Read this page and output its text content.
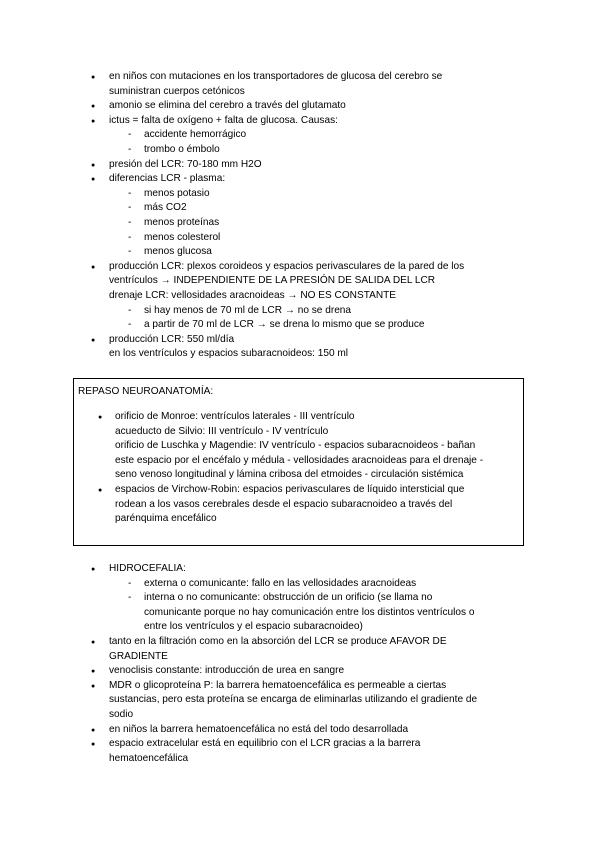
● en niños con mutaciones en los transportadores de glucosa del cerebro se
suministran cuerpos cetónicos
● amonio se elimina del cerebro a través del glutamato
● ictus = falta de oxígeno + falta de glucosa. Causas:
- accidente hemorrágico
- trombo o émbolo
● presión del LCR: 70-180 mm H2O
● diferencias LCR - plasma:
- menos potasio
- más CO2
- menos proteínas
- menos colesterol
- menos glucosa
● producción LCR: plexos coroideos y espacios perivasculares de la pared de los
ventrículos → INDEPENDIENTE DE LA PRESIÓN DE SALIDA DEL LCR
drenaje LCR: vellosidades aracnoideas → NO ES CONSTANTE
- si hay menos de 70 ml de LCR → no se drena
- a partir de 70 ml de LCR → se drena lo mismo que se produce
● producción LCR: 550 ml/día
en los ventrículos y espacios subaracnoideos: 150 ml
REPASO NEUROANATOMÍA:
● orificio de Monroe: ventrículos laterales - III ventrículo
acueducto de Silvio: III ventrículo - IV ventrículo
orificio de Luschka y Magendie: IV ventrículo - espacios subaracnoideos - bañan
este espacio por el encéfalo y médula - vellosidades aracnoideas para el drenaje -
seno venoso longitudinal y lámina cribosa del etmoides - circulación sistémica
● espacios de Virchow-Robin: espacios perivasculares de líquido intersticial que
rodean a los vasos cerebrales desde el espacio subaracnoideo a través del
parénquima encefálico
● HIDROCEFALIA:
- externa o comunicante: fallo en las vellosidades aracnoideas
- interna o no comunicante: obstrucción de un orificio (se llama no
comunicante porque no hay comunicación entre los distintos ventrículos o
entre los ventrículos y el espacio subaracnoideo)
● tanto en la filtración como en la absorción del LCR se produce AFAVOR DE
GRADIENTE
● venoclisis constante: introducción de urea en sangre
● MDR o glicoproteína P: la barrera hematoencefálica es permeable a ciertas
sustancias, pero esta proteína se encarga de eliminarlas utilizando el gradiente de
sodio
● en niños la barrera hematoencefálica no está del todo desarrollada
● espacio extracelular está en equilibrio con el LCR gracias a la barrera
hematoencefálica
